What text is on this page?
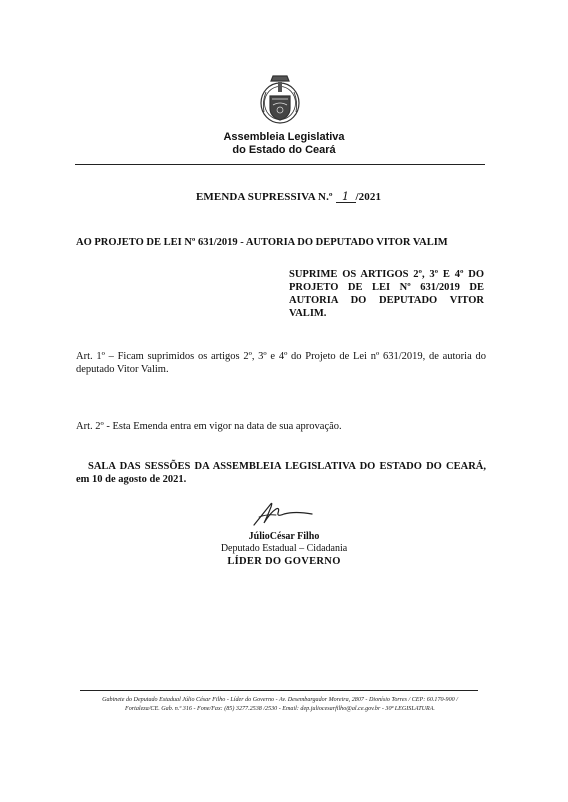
Assembleia Legislativa
do Estado do Ceará
EMENDA SUPRESSIVA N.º 1 /2021
AO PROJETO DE LEI Nº 631/2019 - AUTORIA DO DEPUTADO VITOR VALIM
SUPRIME OS ARTIGOS 2º, 3º E 4º DO PROJETO DE LEI Nº 631/2019 DE AUTORIA DO DEPUTADO VITOR VALIM.
Art. 1º – Ficam suprimidos os artigos 2º, 3º e 4º do Projeto de Lei nº 631/2019, de autoria do deputado Vitor Valim.
Art. 2º - Esta Emenda entra em vigor na data de sua aprovação.
SALA DAS SESSÕES DA ASSEMBLEIA LEGISLATIVA DO ESTADO DO CEARÁ, em 10 de agosto de 2021.
JúlioCésar Filho
Deputado Estadual – Cidadania
LÍDER DO GOVERNO
Gabinete do Deputado Estadual Júlio César Filho - Líder do Governo - Av. Desembargador Moreira, 2807 - Dionísio Torres / CEP: 60.170-900 /
Fortaleza/CE. Gab. n.º 316 - Fone/Fax: (85) 3277.2538 /2530 - Email: dep.juliocesarfilho@al.ce.gov.br - 30ª LEGISLATURA.
